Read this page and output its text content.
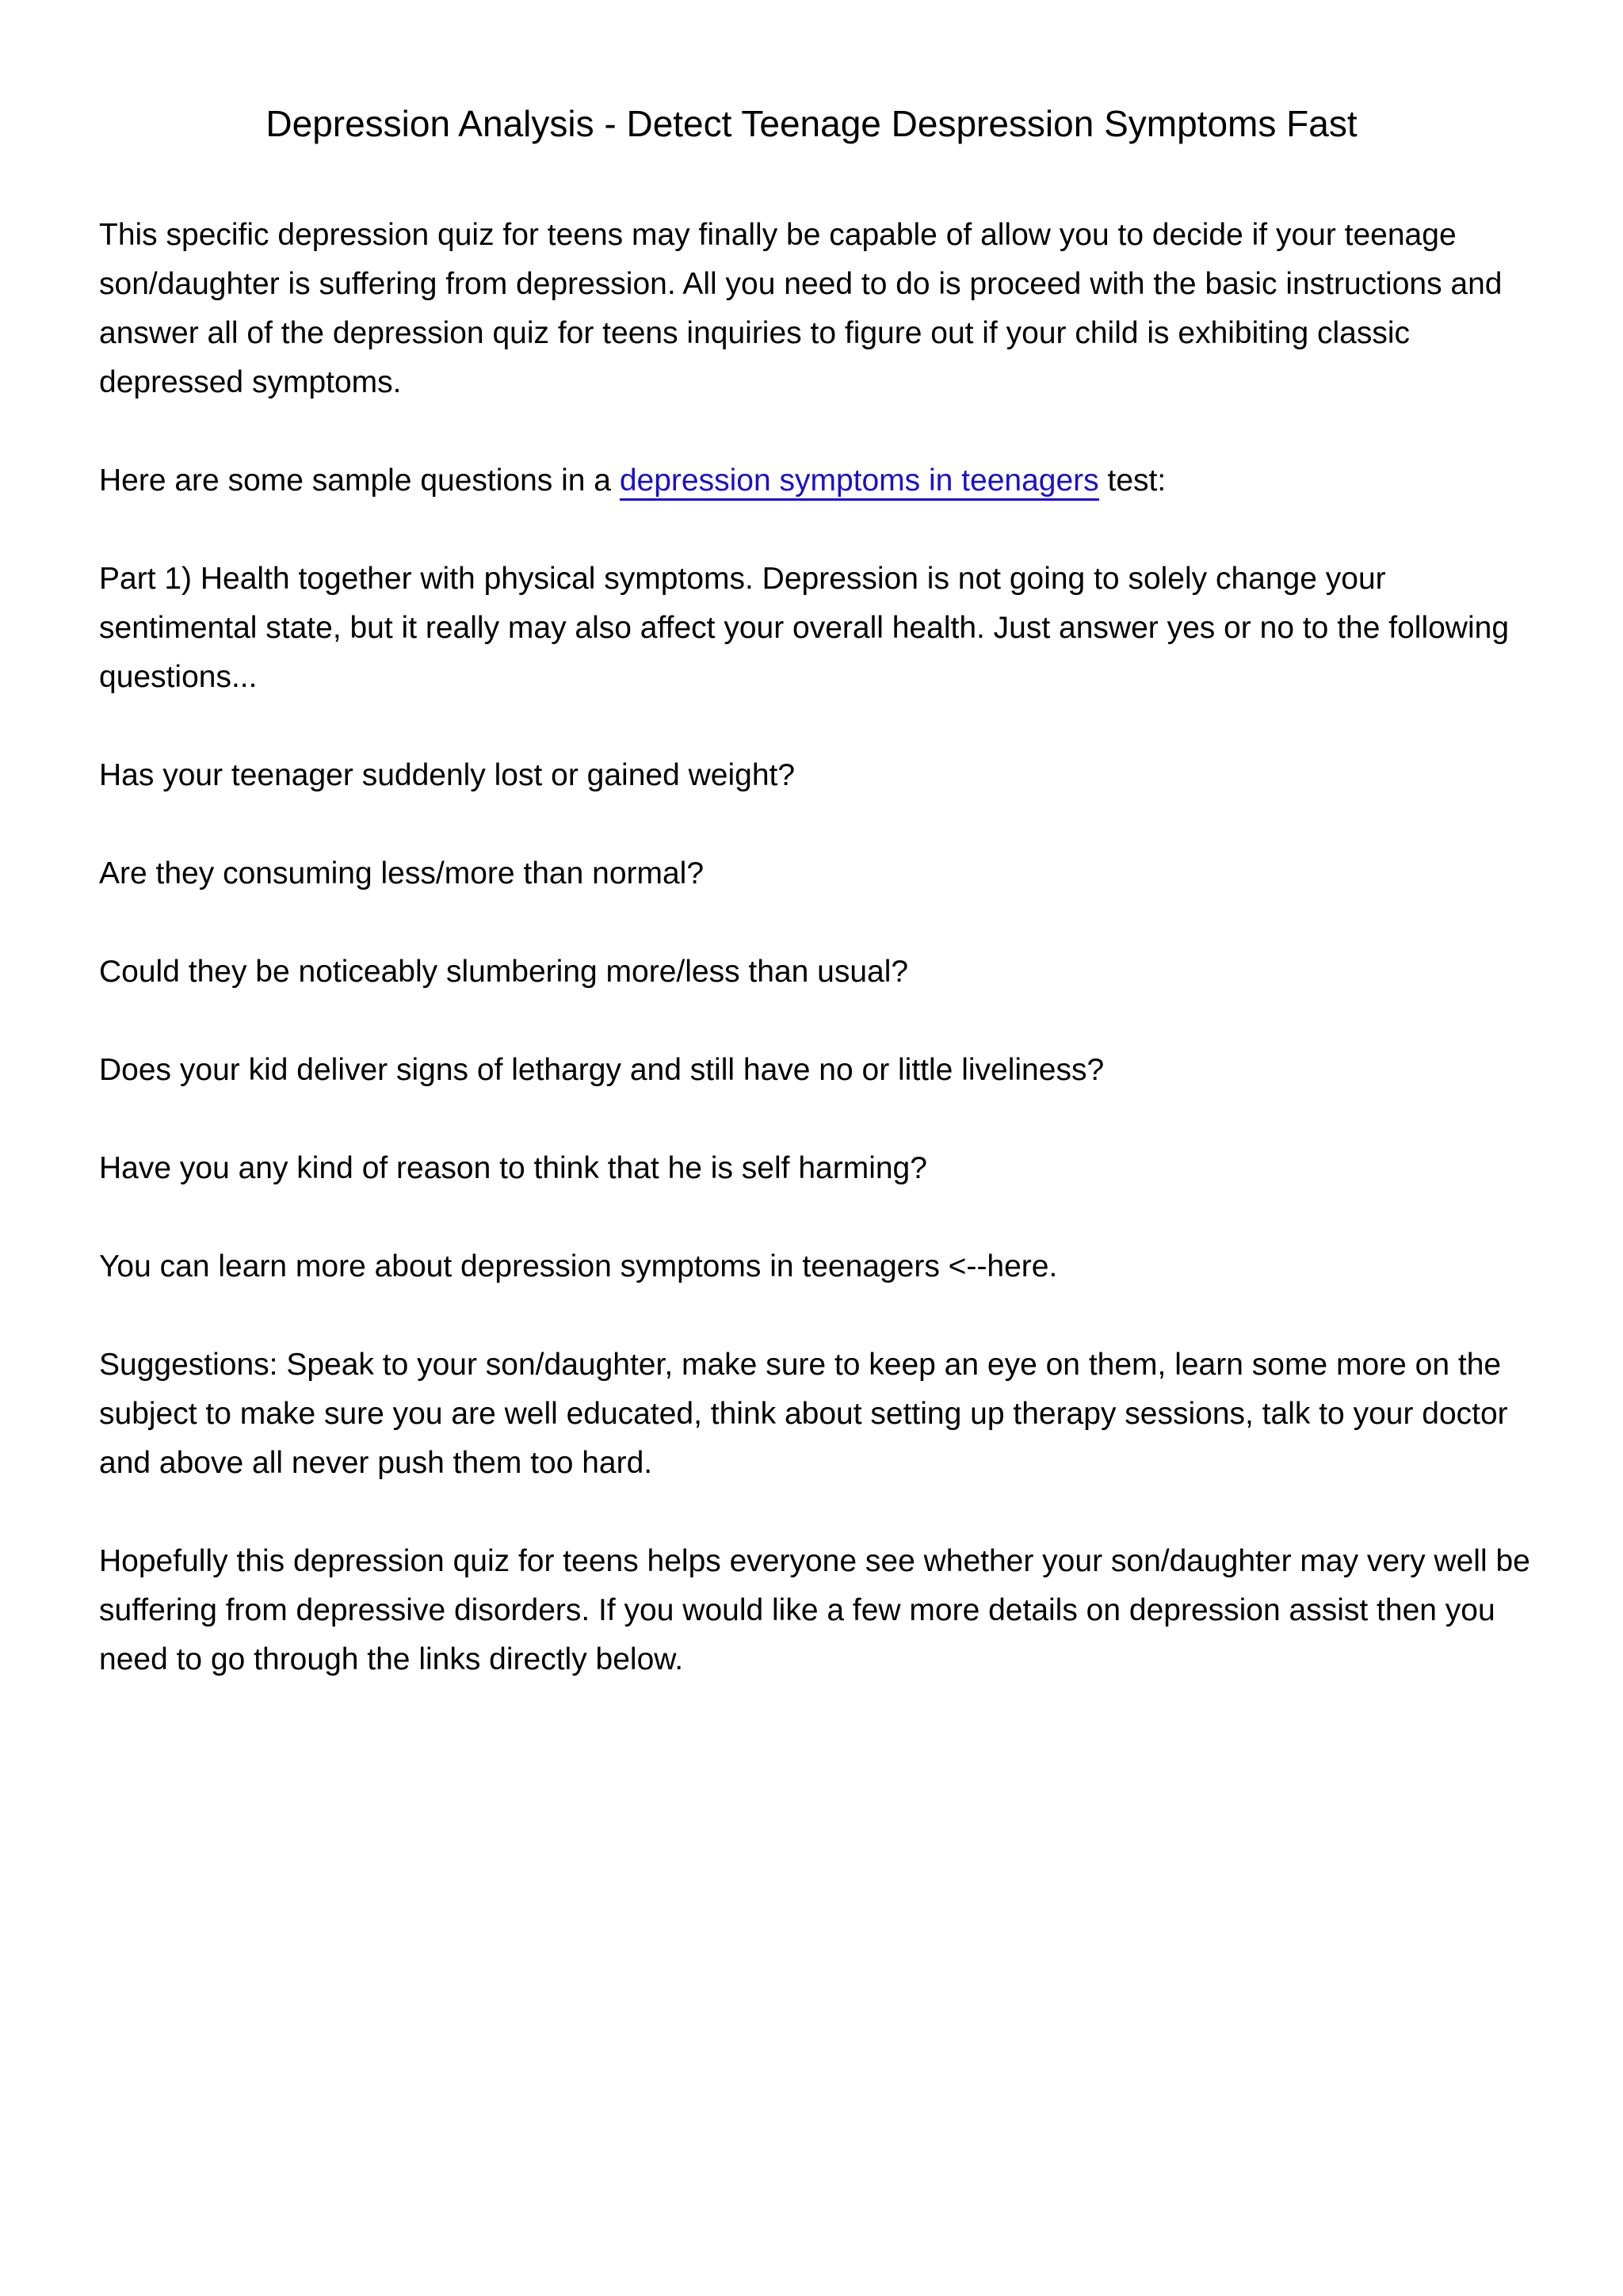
Depression Analysis - Detect Teenage Despression Symptoms Fast

This specific depression quiz for teens may finally be capable of allow you to decide if your teenage son/daughter is suffering from depression. All you need to do is proceed with the basic instructions and answer all of the depression quiz for teens inquiries to figure out if your child is exhibiting classic depressed symptoms.

Here are some sample questions in a depression symptoms in teenagers test:

Part 1) Health together with physical symptoms. Depression is not going to solely change your sentimental state, but it really may also affect your overall health. Just answer yes or no to the following questions...

Has your teenager suddenly lost or gained weight?

Are they consuming less/more than normal?

Could they be noticeably slumbering more/less than usual?

Does your kid deliver signs of lethargy and still have no or little liveliness?

Have you any kind of reason to think that he is self harming?

You can learn more about depression symptoms in teenagers <--here.

Suggestions: Speak to your son/daughter, make sure to keep an eye on them, learn some more on the subject to make sure you are well educated, think about setting up therapy sessions, talk to your doctor and above all never push them too hard.

Hopefully this depression quiz for teens helps everyone see whether your son/daughter may very well be suffering from depressive disorders. If you would like a few more details on depression assist then you need to go through the links directly below.
